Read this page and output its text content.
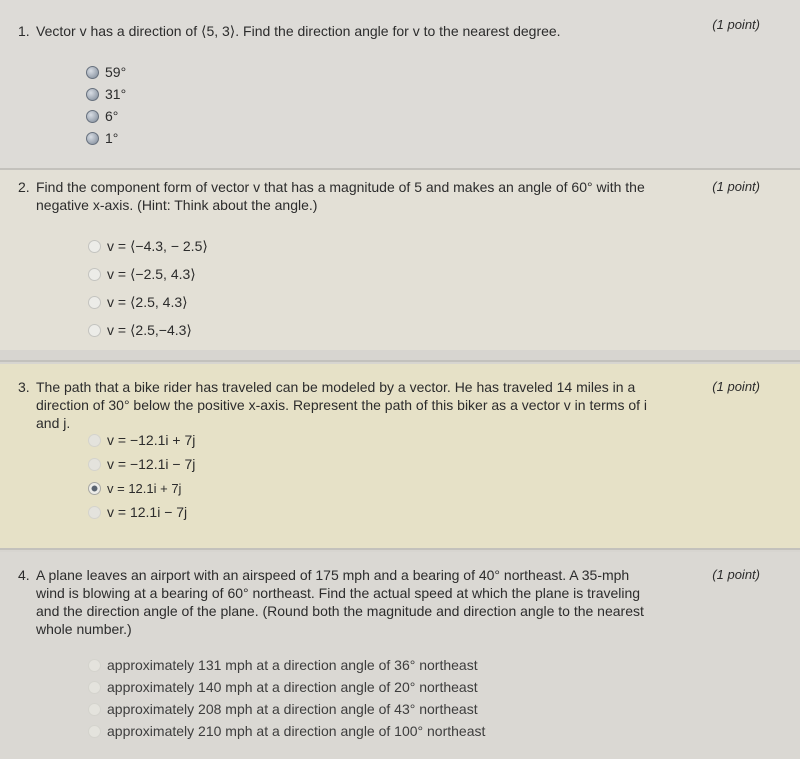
1. Vector v has a direction of ⟨5, 3⟩. Find the direction angle for v to the nearest degree.	(1 point)
59°
31°
6°
1°
2. Find the component form of vector v that has a magnitude of 5 and makes an angle of 60° with the negative x-axis. (Hint: Think about the angle.)
(1 point)
v = ⟨−4.3, − 2.5⟩
v = ⟨−2.5, 4.3⟩
v = ⟨2.5, 4.3⟩
v = ⟨2.5,−4.3⟩
3. The path that a bike rider has traveled can be modeled by a vector. He has traveled 14 miles in a direction of 30° below the positive x-axis. Represent the path of this biker as a vector v in terms of i and j.
(1 point)
v = −12.1i + 7j
v = −12.1i − 7j
v = 12.1i + 7j
v = 12.1i − 7j
4. A plane leaves an airport with an airspeed of 175 mph and a bearing of 40° northeast. A 35-mph wind is blowing at a bearing of 60° northeast. Find the actual speed at which the plane is traveling and the direction angle of the plane. (Round both the magnitude and direction angle to the nearest whole number.)
(1 point)
approximately 131 mph at a direction angle of 36° northeast
approximately 140 mph at a direction angle of 20° northeast
approximately 208 mph at a direction angle of 43° northeast
approximately 210 mph at a direction angle of 100° northeast
